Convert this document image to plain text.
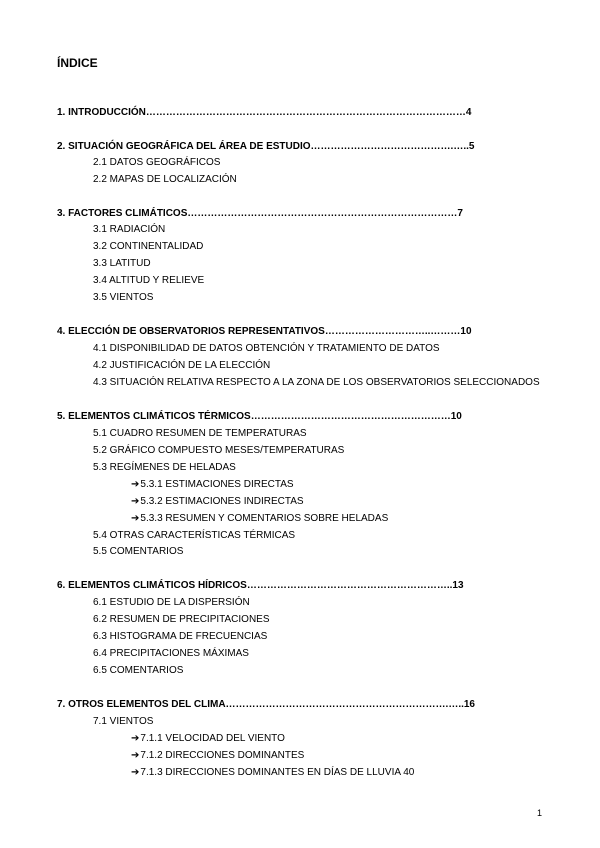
ÍNDICE
1. INTRODUCCIÓN……………………………………………………………………………………4
2. SITUACIÓN GEOGRÁFICA DEL ÁREA DE ESTUDIO…………………………………….…..5
2.1 DATOS GEOGRÁFICOS
2.2 MAPAS DE LOCALIZACIÓN
3. FACTORES CLIMÁTICOS………………………………………………………………………7
3.1 RADIACIÓN
3.2 CONTINENTALIDAD
3.3 LATITUD
3.4 ALTITUD Y RELIEVE
3.5 VIENTOS
4. ELECCIÓN DE OBSERVATORIOS REPRESENTATIVOS…………………………..………10
4.1 DISPONIBILIDAD DE DATOS OBTENCIÓN Y TRATAMIENTO DE DATOS
4.2 JUSTIFICACIÓN DE LA ELECCIÓN
4.3 SITUACIÓN RELATIVA RESPECTO A LA ZONA DE LOS OBSERVATORIOS SELECCIONADOS
5. ELEMENTOS CLIMÁTICOS TÉRMICOS……………………………………………………10
5.1 CUADRO RESUMEN DE TEMPERATURAS
5.2 GRÁFICO COMPUESTO MESES/TEMPERATURAS
5.3 REGÍMENES DE HELADAS
➔5.3.1 ESTIMACIONES DIRECTAS
➔5.3.2 ESTIMACIONES INDIRECTAS
➔5.3.3 RESUMEN Y COMENTARIOS SOBRE HELADAS
5.4 OTRAS CARACTERÍSTICAS TÉRMICAS
5.5 COMENTARIOS
6. ELEMENTOS CLIMÁTICOS HÍDRICOS……………………………………………………..13
6.1 ESTUDIO DE LA DISPERSIÓN
6.2 RESUMEN DE PRECIPITACIONES
6.3 HISTOGRAMA DE FRECUENCIAS
6.4 PRECIPITACIONES MÁXIMAS
6.5 COMENTARIOS
7. OTROS ELEMENTOS DEL CLIMA………………………………………………………….…..16
7.1 VIENTOS
➔7.1.1 VELOCIDAD DEL VIENTO
➔7.1.2 DIRECCIONES DOMINANTES
➔7.1.3 DIRECCIONES DOMINANTES EN DÍAS DE LLUVIA 40
1
